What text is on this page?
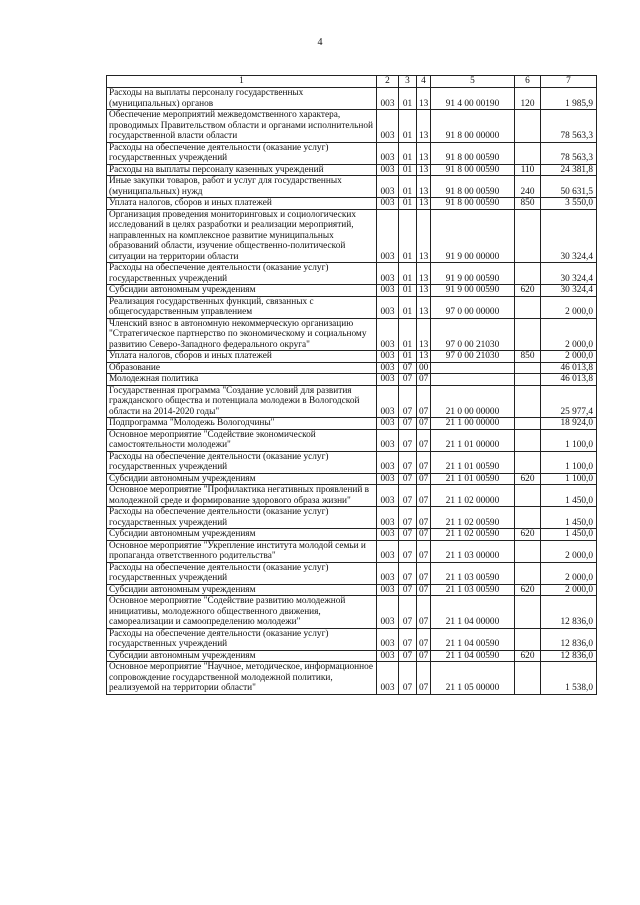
4
1	2	3	4	5	6	7
Расходы на выплаты персоналу государственных (муниципальных) органов	003	01	13	91 4 00 00190	120	1 985,9
Обеспечение мероприятий межведомственного характера, проводимых Правительством области и органами исполнительной государственной власти области	003	01	13	91 8 00 00000		78 563,3
Расходы на обеспечение деятельности (оказание услуг) государственных учреждений	003	01	13	91 8 00 00590		78 563,3
Расходы на выплаты персоналу казенных учреждений	003	01	13	91 8 00 00590	110	24 381,8
Иные закупки товаров, работ и услуг для государственных (муниципальных) нужд	003	01	13	91 8 00 00590	240	50 631,5
Уплата налогов, сборов и иных платежей	003	01	13	91 8 00 00590	850	3 550,0
Организация проведения мониторинговых и социологических исследований в целях разработки и реализации мероприятий, направленных на комплексное развитие муниципальных образований области, изучение общественно-политической ситуации на территории области	003	01	13	91 9 00 00000		30 324,4
Расходы на обеспечение деятельности (оказание услуг) государственных учреждений	003	01	13	91 9 00 00590		30 324,4
Субсидии автономным учреждениям	003	01	13	91 9 00 00590	620	30 324,4
Реализация государственных функций, связанных с общегосударственным управлением	003	01	13	97 0 00 00000		2 000,0
Членский взнос в автономную некоммерческую организацию "Стратегическое партнерство по экономическому и социальному развитию Северо-Западного федерального округа"	003	01	13	97 0 00 21030		2 000,0
Уплата налогов, сборов и иных платежей	003	01	13	97 0 00 21030	850	2 000,0
Образование	003	07	00			46 013,8
Молодежная политика	003	07	07			46 013,8
Государственная программа "Создание условий для развития гражданского общества и потенциала молодежи в Вологодской области на 2014-2020 годы"	003	07	07	21 0 00 00000		25 977,4
Подпрограмма "Молодежь Вологодчины"	003	07	07	21 1 00 00000		18 924,0
Основное мероприятие "Содействие экономической самостоятельности молодежи"	003	07	07	21 1 01 00000		1 100,0
Расходы на обеспечение деятельности (оказание услуг) государственных учреждений	003	07	07	21 1 01 00590		1 100,0
Субсидии автономным учреждениям	003	07	07	21 1 01 00590	620	1 100,0
Основное мероприятие "Профилактика негативных проявлений в молодежной среде и формирование здорового образа жизни"	003	07	07	21 1 02 00000		1 450,0
Расходы на обеспечение деятельности (оказание услуг) государственных учреждений	003	07	07	21 1 02 00590		1 450,0
Субсидии автономным учреждениям	003	07	07	21 1 02 00590	620	1 450,0
Основное мероприятие "Укрепление института молодой семьи и пропаганда ответственного родительства"	003	07	07	21 1 03 00000		2 000,0
Расходы на обеспечение деятельности (оказание услуг) государственных учреждений	003	07	07	21 1 03 00590		2 000,0
Субсидии автономным учреждениям	003	07	07	21 1 03 00590	620	2 000,0
Основное мероприятие "Содействие развитию молодежной инициативы, молодежного общественного движения, самореализации и самоопределению молодежи"	003	07	07	21 1 04 00000		12 836,0
Расходы на обеспечение деятельности (оказание услуг) государственных учреждений	003	07	07	21 1 04 00590		12 836,0
Субсидии автономным учреждениям	003	07	07	21 1 04 00590	620	12 836,0
Основное мероприятие "Научное, методическое, информационное сопровождение государственной молодежной политики, реализуемой на территории области"	003	07	07	21 1 05 00000		1 538,0
